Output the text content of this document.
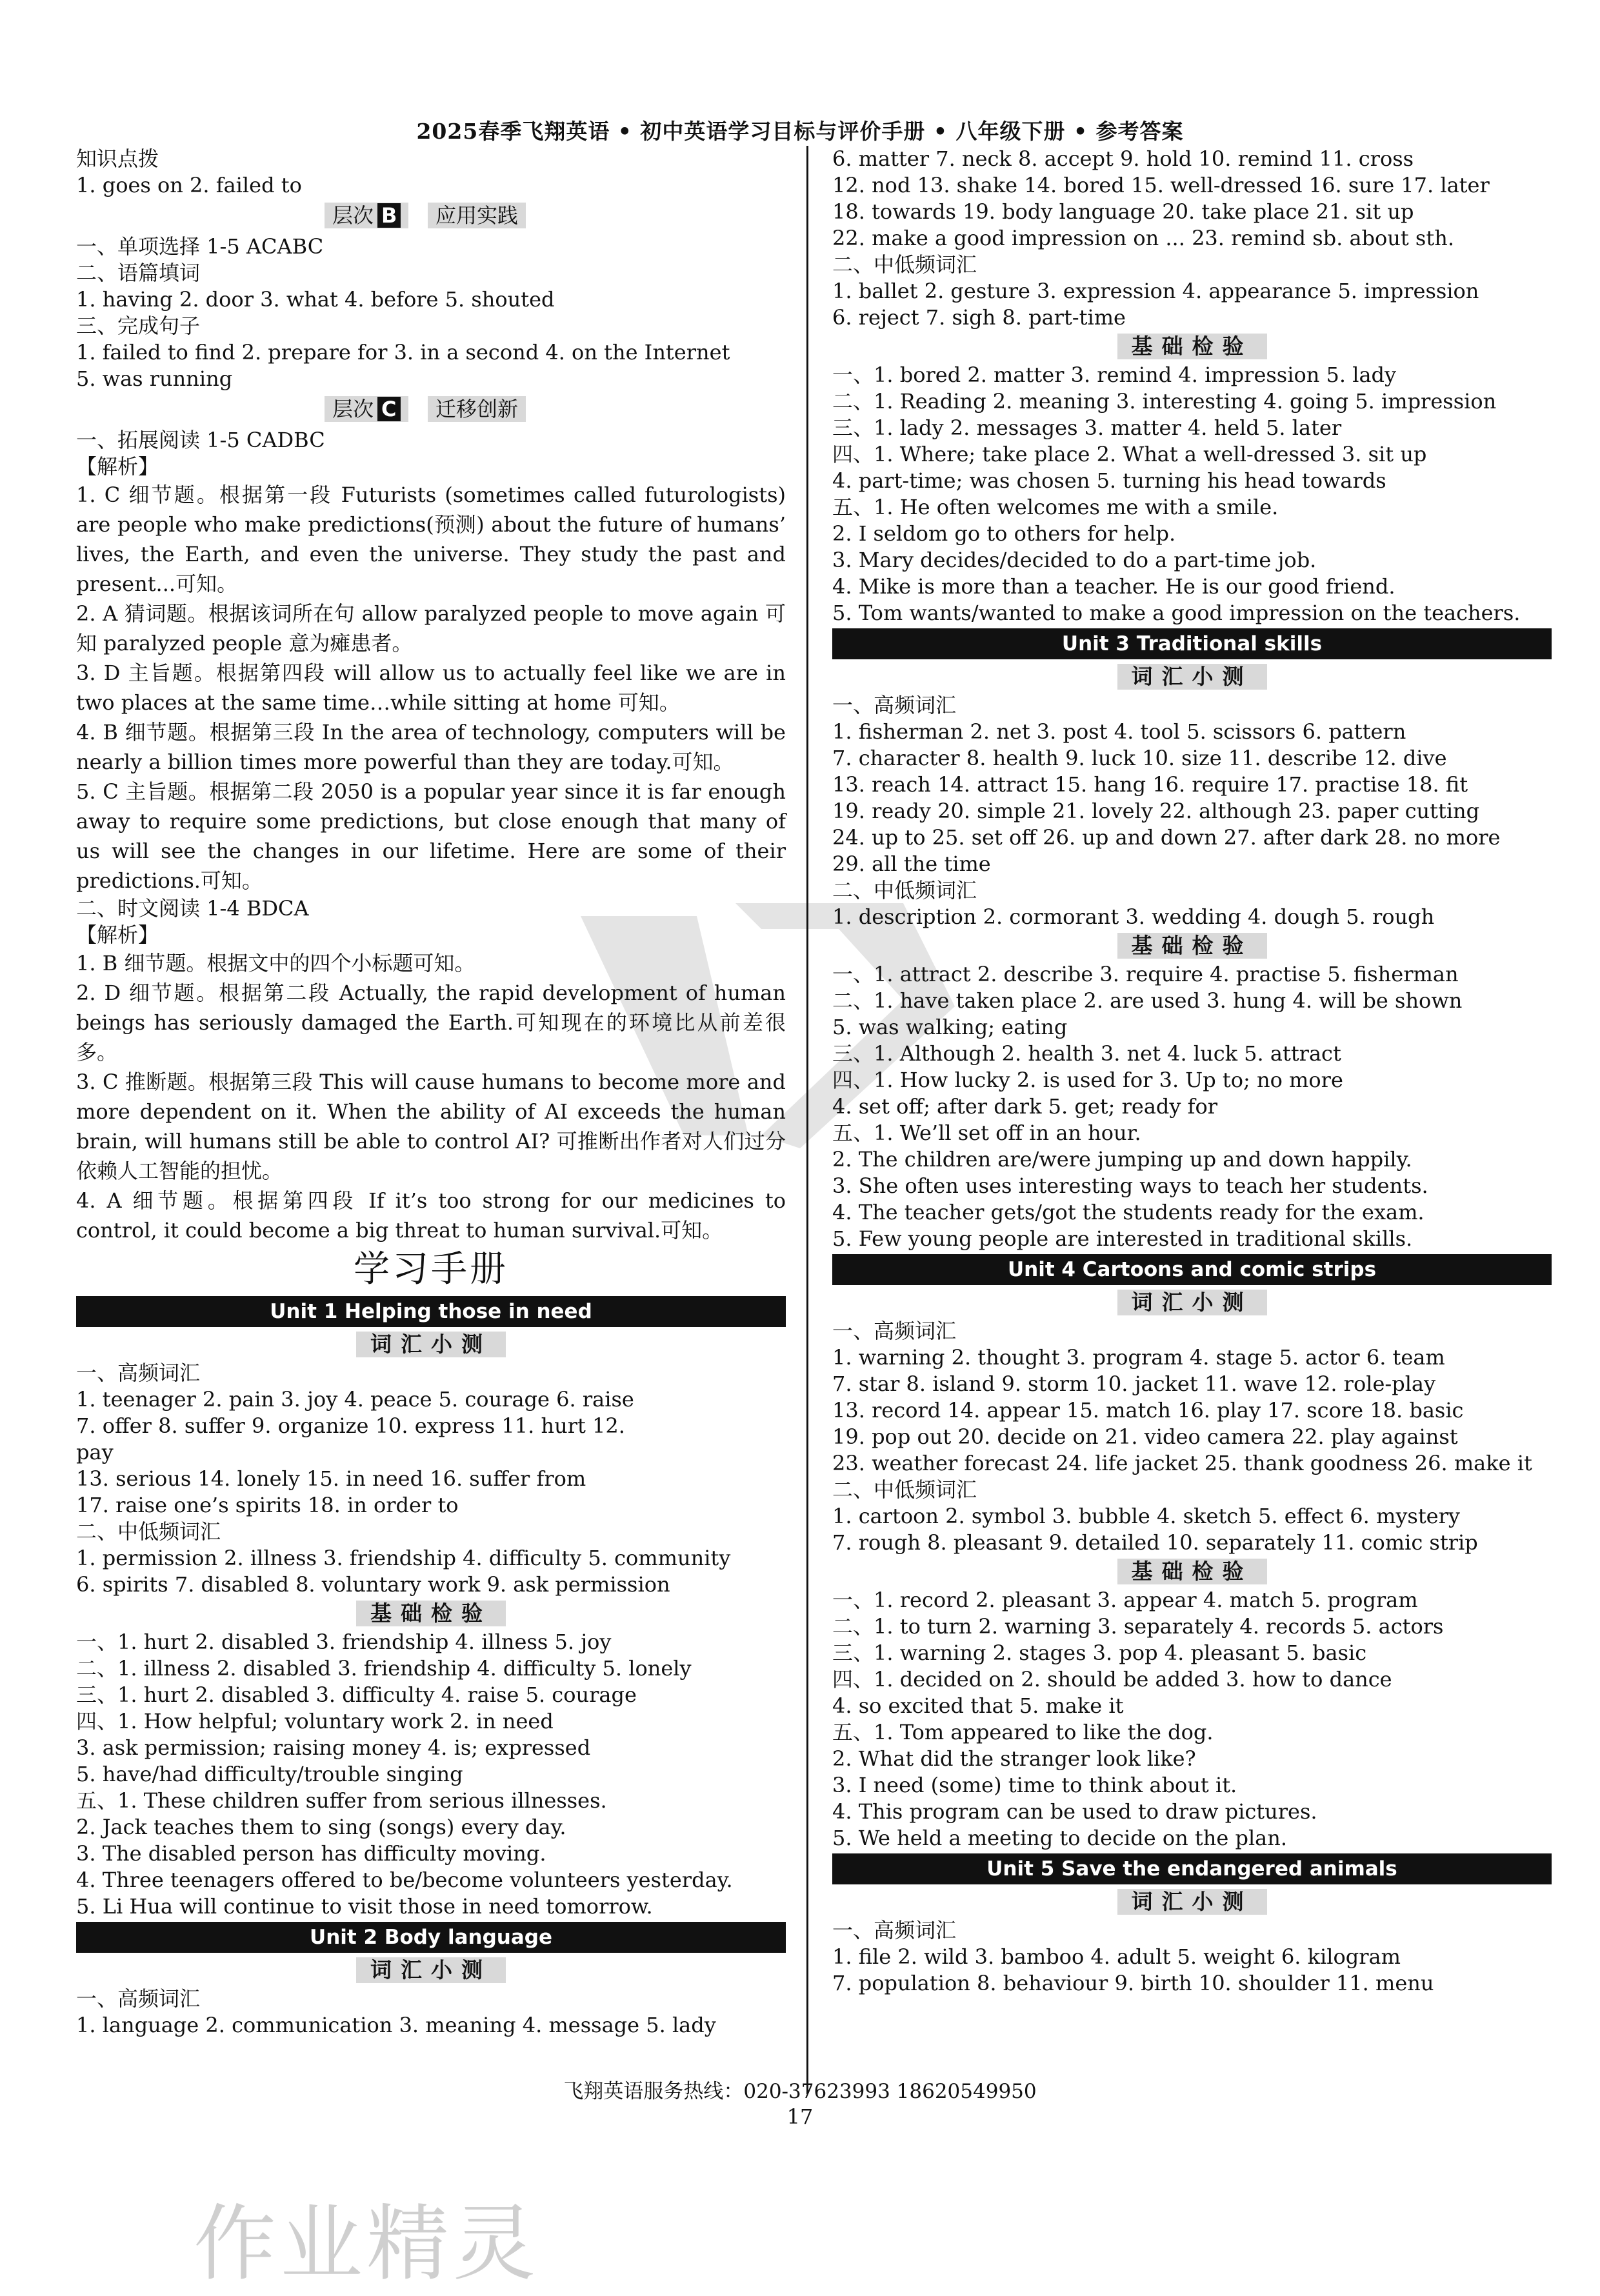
2025春季飞翔英语 • 初中英语学习目标与评价手册 • 八年级下册 • 参考答案
知识点拨
1. goes on 2. failed to
层次 B	应用实践
一、单项选择 1-5 ACABC
二、语篇填词
1. having 2. door 3. what 4. before 5. shouted
三、完成句子
1. failed to find 2. prepare for 3. in a second 4. on the Internet
5. was running
层次 C	迁移创新
一、拓展阅读 1-5 CADBC
【解析】
1. C 细节题。根据第一段 Futurists (sometimes called futurologists) are people who make predictions(预测) about the future of humans’ lives, the Earth, and even the universe. They study the past and present...可知。
2. A 猜词题。根据该词所在句 allow paralyzed people to move again 可知 paralyzed people 意为瘫患者。
3. D 主旨题。根据第四段 will allow us to actually feel like we are in two places at the same time…while sitting at home 可知。
4. B 细节题。根据第三段 In the area of technology, computers will be nearly a billion times more powerful than they are today.可知。
5. C 主旨题。根据第二段 2050 is a popular year since it is far enough away to require some predictions, but close enough that many of us will see the changes in our lifetime. Here are some of their predictions.可知。
二、时文阅读 1-4 BDCA
【解析】
1. B 细节题。根据文中的四个小标题可知。
2. D 细节题。根据第二段 Actually, the rapid development of human beings has seriously damaged the Earth.可知现在的环境比从前差很多。
3. C 推断题。根据第三段 This will cause humans to become more and more dependent on it. When the ability of AI exceeds the human brain, will humans still be able to control AI? 可推断出作者对人们过分依赖人工智能的担忧。
4. A 细节题。根据第四段 If it’s too strong for our medicines to control, it could become a big threat to human survival.可知。
学习手册
Unit 1 Helping those in need
词汇小测
一、高频词汇
1. teenager 2. pain 3. joy 4. peace 5. courage 6. raise
7. offer 8. suffer 9. organize 10. express 11. hurt 12.
pay
13. serious 14. lonely 15. in need 16. suffer from
17. raise one’s spirits 18. in order to
二、中低频词汇
1. permission 2. illness 3. friendship 4. difficulty 5. community
6. spirits 7. disabled 8. voluntary work 9. ask permission
基础检验
一、1. hurt 2. disabled 3. friendship 4. illness 5. joy
二、1. illness 2. disabled 3. friendship 4. difficulty 5. lonely
三、1. hurt 2. disabled 3. difficulty 4. raise 5. courage
四、1. How helpful; voluntary work 2. in need
3. ask permission; raising money 4. is; expressed
5. have/had difficulty/trouble singing
五、1. These children suffer from serious illnesses.
2. Jack teaches them to sing (songs) every day.
3. The disabled person has difficulty moving.
4. Three teenagers offered to be/become volunteers yesterday.
5. Li Hua will continue to visit those in need tomorrow.
Unit 2 Body language
词汇小测
一、高频词汇
1. language 2. communication 3. meaning 4. message 5. lady
6. matter 7. neck 8. accept 9. hold 10. remind 11. cross
12. nod 13. shake 14. bored 15. well-dressed 16. sure 17. later
18. towards 19. body language 20. take place 21. sit up
22. make a good impression on ... 23. remind sb. about sth.
二、中低频词汇
1. ballet 2. gesture 3. expression 4. appearance 5. impression
6. reject 7. sigh 8. part-time
基础检验
一、1. bored 2. matter 3. remind 4. impression 5. lady
二、1. Reading 2. meaning 3. interesting 4. going 5. impression
三、1. lady 2. messages 3. matter 4. held 5. later
四、1. Where; take place 2. What a well-dressed 3. sit up
4. part-time; was chosen 5. turning his head towards
五、1. He often welcomes me with a smile.
2. I seldom go to others for help.
3. Mary decides/decided to do a part-time job.
4. Mike is more than a teacher. He is our good friend.
5. Tom wants/wanted to make a good impression on the teachers.
Unit 3 Traditional skills
词汇小测
一、高频词汇
1. fisherman 2. net 3. post 4. tool 5. scissors 6. pattern
7. character 8. health 9. luck 10. size 11. describe 12. dive
13. reach 14. attract 15. hang 16. require 17. practise 18. fit
19. ready 20. simple 21. lovely 22. although 23. paper cutting
24. up to 25. set off 26. up and down 27. after dark 28. no more
29. all the time
二、中低频词汇
1. description 2. cormorant 3. wedding 4. dough 5. rough
基础检验
一、1. attract 2. describe 3. require 4. practise 5. fisherman
二、1. have taken place 2. are used 3. hung 4. will be shown
5. was walking; eating
三、1. Although 2. health 3. net 4. luck 5. attract
四、1. How lucky 2. is used for 3. Up to; no more
4. set off; after dark 5. get; ready for
五、1. We’ll set off in an hour.
2. The children are/were jumping up and down happily.
3. She often uses interesting ways to teach her students.
4. The teacher gets/got the students ready for the exam.
5. Few young people are interested in traditional skills.
Unit 4 Cartoons and comic strips
词汇小测
一、高频词汇
1. warning 2. thought 3. program 4. stage 5. actor 6. team
7. star 8. island 9. storm 10. jacket 11. wave 12. role-play
13. record 14. appear 15. match 16. play 17. score 18. basic
19. pop out 20. decide on 21. video camera 22. play against
23. weather forecast 24. life jacket 25. thank goodness 26. make it
二、中低频词汇
1. cartoon 2. symbol 3. bubble 4. sketch 5. effect 6. mystery
7. rough 8. pleasant 9. detailed 10. separately 11. comic strip
基础检验
一、1. record 2. pleasant 3. appear 4. match 5. program
二、1. to turn 2. warning 3. separately 4. records 5. actors
三、1. warning 2. stages 3. pop 4. pleasant 5. basic
四、1. decided on 2. should be added 3. how to dance
4. so excited that 5. make it
五、1. Tom appeared to like the dog.
2. What did the stranger look like?
3. I need (some) time to think about it.
4. This program can be used to draw pictures.
5. We held a meeting to decide on the plan.
Unit 5 Save the endangered animals
词汇小测
一、高频词汇
1. file 2. wild 3. bamboo 4. adult 5. weight 6. kilogram
7. population 8. behaviour 9. birth 10. shoulder 11. menu
飞翔英语服务热线：020-37623993 18620549950
17
作业精灵
